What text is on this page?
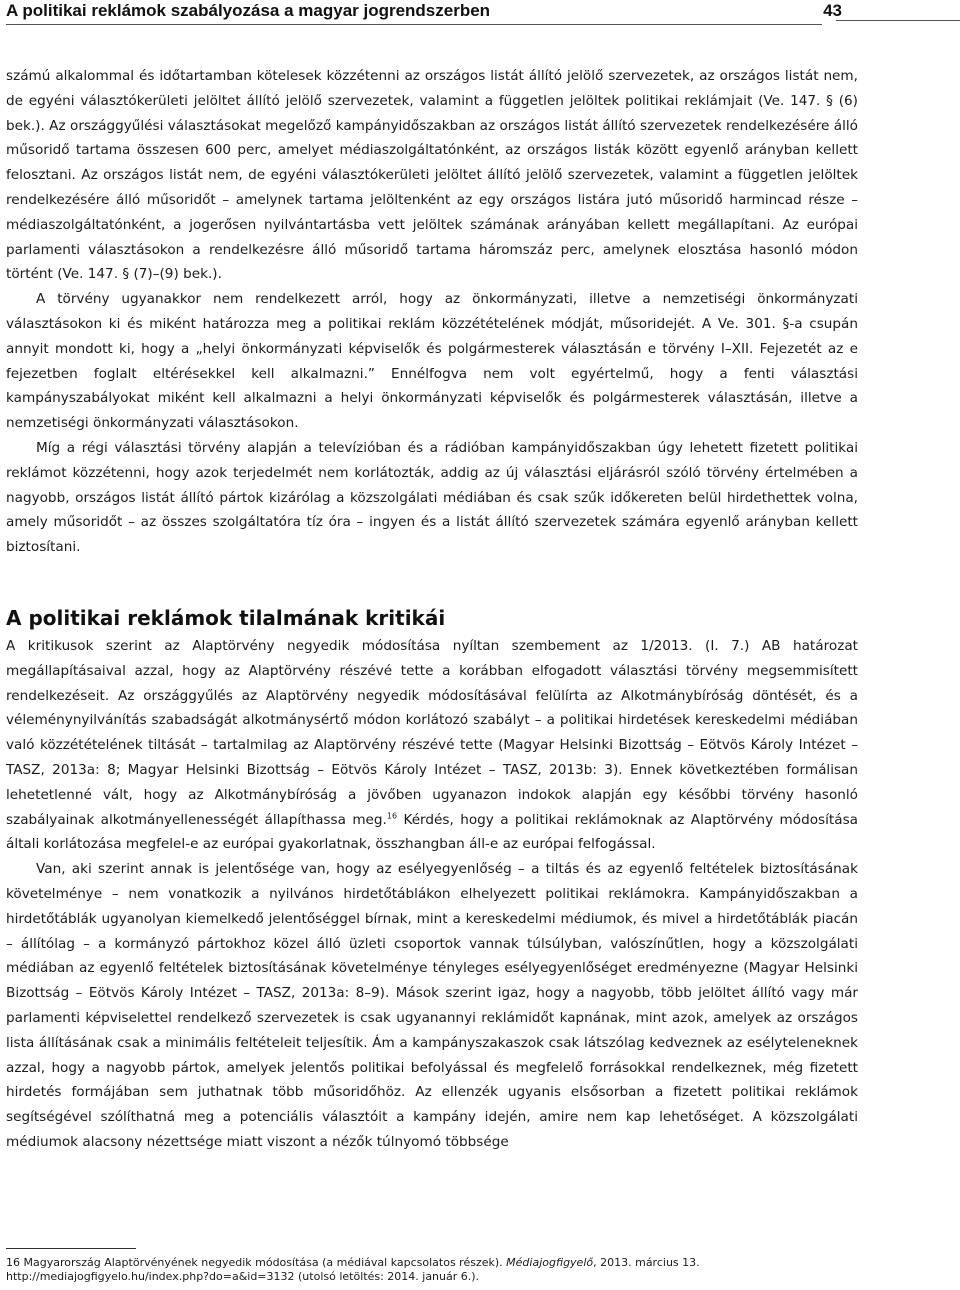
A politikai reklámok szabályozása a magyar jogrendszerben	43

számú alkalommal és időtartamban kötelesek közzétenni az országos listát állító jelölő szervezetek, az országos listát nem, de egyéni választókerületi jelöltet állító jelölő szervezetek, valamint a független jelöltek politikai reklámjait (Ve. 147. § (6) bek.). Az országgyűlési választásokat megelőző kampányidőszakban az országos listát állító szervezetek rendelkezésére álló műsoridő tartama összesen 600 perc, amelyet médiaszolgáltatónként, az országos listák között egyenlő arányban kellett felosztani. Az országos listát nem, de egyéni választókerületi jelöltet állító jelölő szervezetek, valamint a független jelöltek rendelkezésére álló műsoridőt – amelynek tartama jelöltenként az egy országos listára jutó műsoridő harmincad része – médiaszolgáltatónként, a jogerősen nyilvántartásba vett jelöltek számának arányában kellett megállapítani. Az európai parlamenti választásokon a rendelkezésre álló műsoridő tartama háromszáz perc, amelynek elosztása hasonló módon történt (Ve. 147. § (7)–(9) bek.).

A törvény ugyanakkor nem rendelkezett arról, hogy az önkormányzati, illetve a nemzetiségi önkormányzati választásokon ki és miként határozza meg a politikai reklám közzétételének módját, műsoridejét. A Ve. 301. §-a csupán annyit mondott ki, hogy a „helyi önkormányzati képviselők és polgármesterek választásán e törvény I–XII. Fejezetét az e fejezetben foglalt eltérésekkel kell alkalmazni.” Ennélfogva nem volt egyértelmű, hogy a fenti választási kampányszabályokat miként kell alkalmazni a helyi önkormányzati képviselők és polgármesterek választásán, illetve a nemzetiségi önkormányzati választásokon.

Míg a régi választási törvény alapján a televízióban és a rádióban kampányidőszakban úgy lehetett fizetett politikai reklámot közzétenni, hogy azok terjedelmét nem korlátozták, addig az új választási eljárásról szóló törvény értelmében a nagyobb, országos listát állító pártok kizárólag a közszolgálati médiában és csak szűk időkereten belül hirdethettek volna, amely műsoridőt – az összes szolgáltatóra tíz óra – ingyen és a listát állító szervezetek számára egyenlő arányban kellett biztosítani.

A politikai reklámok tilalmának kritikái

A kritikusok szerint az Alaptörvény negyedik módosítása nyíltan szembement az 1/2013. (I. 7.) AB határozat megállapításaival azzal, hogy az Alaptörvény részévé tette a korábban elfogadott választási törvény megsemmisített rendelkezéseit. Az országgyűlés az Alaptörvény negyedik módosításával felülírta az Alkotmánybíróság döntését, és a véleménynyilvánítás szabadságát alkotmánysértő módon korlátozó szabályt – a politikai hirdetések kereskedelmi médiában való közzétételének tiltását – tartalmilag az Alaptörvény részévé tette (Magyar Helsinki Bizottság – Eötvös Károly Intézet – TASZ, 2013a: 8; Magyar Helsinki Bizottság – Eötvös Károly Intézet – TASZ, 2013b: 3). Ennek következtében formálisan lehetetlenné vált, hogy az Alkotmánybíróság a jövőben ugyanazon indokok alapján egy későbbi törvény hasonló szabályainak alkotmányellenességét állapíthassa meg.$^{16}$ Kérdés, hogy a politikai reklámoknak az Alaptörvény módosítása általi korlátozása megfelel-e az európai gyakorlatnak, összhangban áll-e az európai felfogással.

Van, aki szerint annak is jelentősége van, hogy az esélyegyenlőség – a tiltás és az egyenlő feltételek biztosításának követelménye – nem vonatkozik a nyilvános hirdetőtáblákon elhelyezett politikai reklámokra. Kampányidőszakban a hirdetőtáblák ugyanolyan kiemelkedő jelentőséggel bírnak, mint a kereskedelmi médiumok, és mivel a hirdetőtáblák piacán – állítólag – a kormányzó pártokhoz közel álló üzleti csoportok vannak túlsúlyban, valószínűtlen, hogy a közszolgálati médiában az egyenlő feltételek biztosításának követelménye tényleges esélyegyenlőséget eredményezne (Magyar Helsinki Bizottság – Eötvös Károly Intézet – TASZ, 2013a: 8–9). Mások szerint igaz, hogy a nagyobb, több jelöltet állító vagy már parlamenti képviselettel rendelkező szervezetek is csak ugyanannyi reklámidőt kapnának, mint azok, amelyek az országos lista állításának csak a minimális feltételeit teljesítik. Ám a kampányszakaszok csak látszólag kedveznek az esélyteleneknek azzal, hogy a nagyobb pártok, amelyek jelentős politikai befolyással és megfelelő forrásokkal rendelkeznek, még fizetett hirdetés formájában sem juthatnak több műsoridőhöz. Az ellenzék ugyanis elsősorban a fizetett politikai reklámok segítségével szólíthatná meg a potenciális választóit a kampány idején, amire nem kap lehetőséget. A közszolgálati médiumok alacsony nézettsége miatt viszont a nézők túlnyomó többsége

16 Magyarország Alaptörvényének negyedik módosítása (a médiával kapcsolatos részek). Médiajogfigyelő, 2013. március 13. http://mediajogfigyelo.hu/index.php?do=a&id=3132 (utolsó letöltés: 2014. január 6.).
